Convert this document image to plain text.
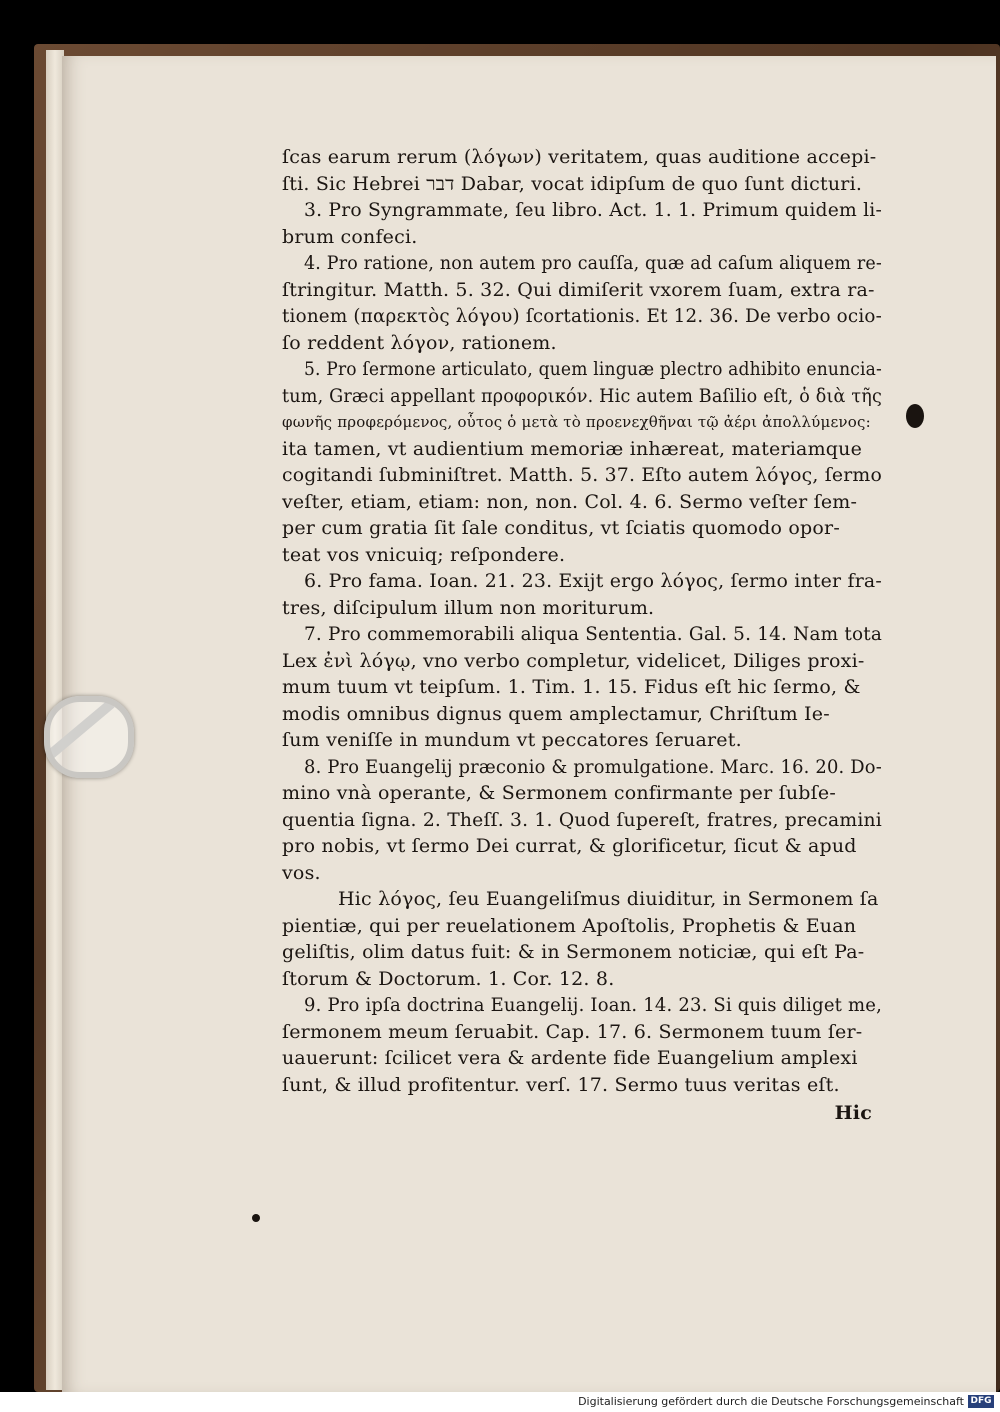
ſcas earum rerum (λόγων) veritatem, quas auditione accepi-
ſti. Sic Hebrei דבר Dabar, vocat idipſum de quo ſunt dicturi.
3. Pro Syngrammate, ſeu libro. Act. 1. 1. Primum quidem li-
brum confeci.
4. Pro ratione, non autem pro cauſſa, quæ ad caſum aliquem re-
ſtringitur. Matth. 5. 32. Qui dimiſerit vxorem ſuam, extra ra-
tionem (παρεκτὸς λόγου) ſcortationis. Et 12. 36. De verbo ocio-
ſo reddent λόγον, rationem.
5. Pro ſermone articulato, quem linguæ plectro adhibito enuncia-
tum, Græci appellant προφορικόν. Hic autem Baſilio eſt, ὁ διὰ τῆς
φωνῆς προφερόμενος, οὗτος ὁ μετὰ τὸ προενεχθῆναι τῷ ἀέρι ἀπολλύμενος:
ita tamen, vt audientium memoriæ inhæreat, materiamque
cogitandi ſubminiſtret. Matth. 5. 37. Eſto autem λόγος, ſermo
veſter, etiam, etiam: non, non. Col. 4. 6. Sermo veſter ſem-
per cum gratia ſit ſale conditus, vt ſciatis quomodo opor-
teat vos vnicuiq; reſpondere.
6. Pro fama. Ioan. 21. 23. Exijt ergo λόγος, ſermo inter fra-
tres, diſcipulum illum non moriturum.
7. Pro commemorabili aliqua Sententia. Gal. 5. 14. Nam tota
Lex ἐνὶ λόγῳ, vno verbo completur, videlicet, Diliges proxi-
mum tuum vt teipſum. 1. Tim. 1. 15. Fidus eſt hic ſermo, &
modis omnibus dignus quem amplectamur, Chriſtum Ie-
ſum veniſſe in mundum vt peccatores ſeruaret.
8. Pro Euangelij præconio & promulgatione. Marc. 16. 20. Do-
mino vnà operante, & Sermonem confirmante per ſubſe-
quentia ſigna. 2. Theſſ. 3. 1. Quod ſupereſt, fratres, precamini
pro nobis, vt ſermo Dei currat, & glorificetur, ſicut & apud
vos.
Hic λόγος, ſeu Euangeliſmus diuiditur, in Sermonem ſa
pientiæ, qui per reuelationem Apoſtolis, Prophetis & Euan
geliſtis, olim datus fuit: & in Sermonem noticiæ, qui eſt Pa-
ſtorum & Doctorum. 1. Cor. 12. 8.
9. Pro ipſa doctrina Euangelij. Ioan. 14. 23. Si quis diliget me,
ſermonem meum ſeruabit. Cap. 17. 6. Sermonem tuum ſer-
uauerunt: ſcilicet vera & ardente fide Euangelium amplexi
ſunt, & illud profitentur. verſ. 17. Sermo tuus veritas eſt.
Hic
Digitalisierung gefördert durch die Deutsche Forschungsgemeinschaft DFG
